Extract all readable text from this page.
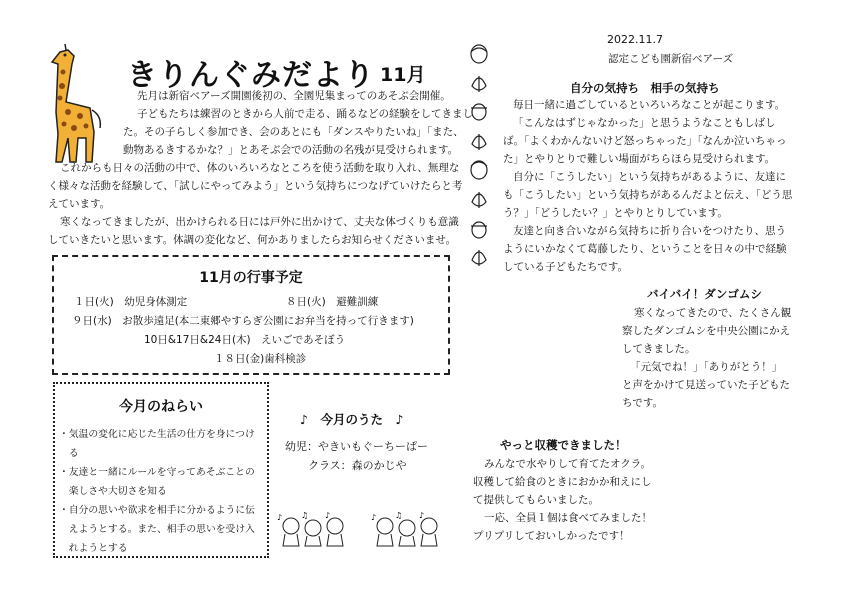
きりんぐみだより 11月
先月は新宿ベアーズ開園後初の、全園児集まってのあそぶ会開催。
子どもたちは練習のときから人前で走る、踊るなどの経験をしてきまし
た。その子らしく参加でき、会のあとにも「ダンスやりたいね」「また、
動物あるきするかな？」とあそぶ会での活動の名残が見受けられます。
これからも日々の活動の中で、体のいろいろなところを使う活動を取り入れ、無理な
く様々な活動を経験して、「試しにやってみよう」という気持ちにつなげていけたらと考
えています。
寒くなってきましたが、出かけられる日には戸外に出かけて、丈夫な体づくりも意識
していきたいと思います。体調の変化など、何かありましたらお知らせくださいませ。
2022.11.7
認定こども園新宿ベアーズ
自分の気持ち　相手の気持ち
毎日一緒に過ごしているといろいろなことが起こります。
「こんなはずじゃなかった」と思うようなこともしばし
ば。「よくわかんないけど怒っちゃった」「なんか泣いちゃっ
た」とやりとりで難しい場面がちらほら見受けられます。
自分に「こうしたい」という気持ちがあるように、友達に
も「こうしたい」という気持ちがあるんだよと伝え、「どう思
う？」「どうしたい？」とやりとりしています。
友達と向き合いながら気持ちに折り合いをつけたり、思う
ようにいかなくて葛藤したり、ということを日々の中で経験
している子どもたちです。
11月の行事予定
１日(火)　幼児身体測定	８日(火)　避難訓練
９日(水)　お散歩遠足(本二東郷やすらぎ公園にお弁当を持って行きます)
10日&17日&24日(木)　えいごであそぼう
１８日(金)歯科検診
今月のねらい
・気温の変化に応じた生活の仕方を身につけ
　る
・友達と一緒にルールを守ってあそぶことの
　楽しさや大切さを知る
・自分の思いや欲求を相手に分かるように伝
　えようとする。また、相手の思いを受け入
　れようとする
♪　今月のうた　♪
幼児：やきいもぐーちーぱー
クラス：森のかじや
♪ ♫ ♪	♪ ♫ ♪
バイバイ！ダンゴムシ
寒くなってきたので、たくさん観
察したダンゴムシを中央公園にかえ
してきました。
「元気でね！」「ありがとう！」
と声をかけて見送っていた子どもた
ちです。
やっと収穫できました！
みんなで水やりして育てたオクラ。
収穫して給食のときにおかか和えにし
て提供してもらいました。
一応、全員１個は食べてみました！
プリプリしておいしかったです！
